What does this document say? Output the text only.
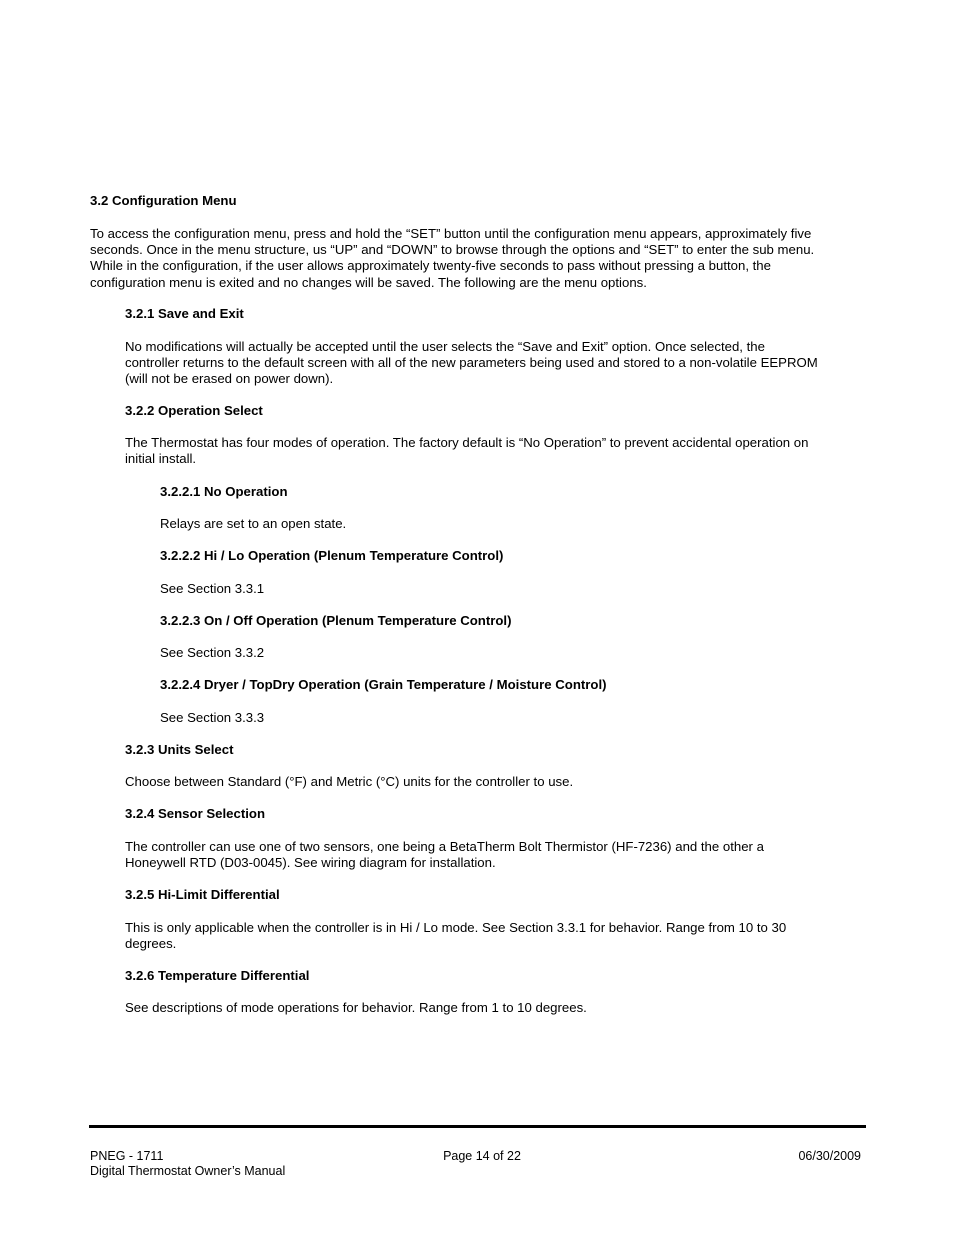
3.2 Configuration Menu
To access the configuration menu, press and hold the “SET” button until the configuration menu appears, approximately five
seconds. Once in the menu structure, us “UP” and “DOWN” to browse through the options and “SET” to enter the sub menu.
While in the configuration, if the user allows approximately twenty-five seconds to pass without pressing a button, the
configuration menu is exited and no changes will be saved. The following are the menu options.
3.2.1 Save and Exit
No modifications will actually be accepted until the user selects the “Save and Exit” option. Once selected, the
controller returns to the default screen with all of the new parameters being used and stored to a non-volatile EEPROM
(will not be erased on power down).
3.2.2 Operation Select
The Thermostat has four modes of operation. The factory default is “No Operation” to prevent accidental operation on
initial install.
3.2.2.1 No Operation
Relays are set to an open state.
3.2.2.2 Hi / Lo Operation (Plenum Temperature Control)
See Section 3.3.1
3.2.2.3 On / Off Operation (Plenum Temperature Control)
See Section 3.3.2
3.2.2.4 Dryer / TopDry Operation (Grain Temperature / Moisture Control)
See Section 3.3.3
3.2.3 Units Select
Choose between Standard (°F) and Metric (°C) units for the controller to use.
3.2.4 Sensor Selection
The controller can use one of two sensors, one being a BetaTherm Bolt Thermistor (HF-7236) and the other a
Honeywell RTD (D03-0045). See wiring diagram for installation.
3.2.5 Hi-Limit Differential
This is only applicable when the controller is in Hi / Lo mode. See Section 3.3.1 for behavior. Range from 10 to 30
degrees.
3.2.6 Temperature Differential
See descriptions of mode operations for behavior. Range from 1 to 10 degrees.
PNEG - 1711
Digital Thermostat Owner’s Manual
Page 14 of 22	06/30/2009
